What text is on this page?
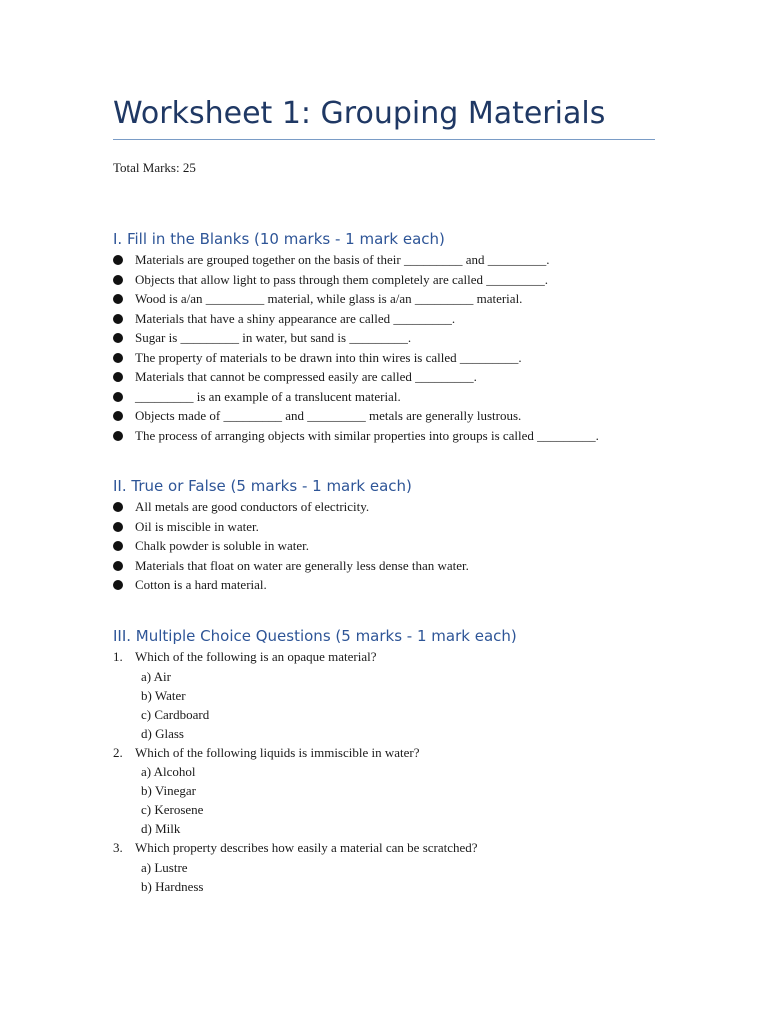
Worksheet 1: Grouping Materials
Total Marks: 25
I. Fill in the Blanks (10 marks - 1 mark each)
Materials are grouped together on the basis of their _________ and _________.
Objects that allow light to pass through them completely are called _________.
Wood is a/an _________ material, while glass is a/an _________ material.
Materials that have a shiny appearance are called _________.
Sugar is _________ in water, but sand is _________.
The property of materials to be drawn into thin wires is called _________.
Materials that cannot be compressed easily are called _________.
_________ is an example of a translucent material.
Objects made of _________ and _________ metals are generally lustrous.
The process of arranging objects with similar properties into groups is called _________.
II. True or False (5 marks - 1 mark each)
All metals are good conductors of electricity.
Oil is miscible in water.
Chalk powder is soluble in water.
Materials that float on water are generally less dense than water.
Cotton is a hard material.
III. Multiple Choice Questions (5 marks - 1 mark each)
1. Which of the following is an opaque material?
a) Air
b) Water
c) Cardboard
d) Glass
2. Which of the following liquids is immiscible in water?
a) Alcohol
b) Vinegar
c) Kerosene
d) Milk
3. Which property describes how easily a material can be scratched?
a) Lustre
b) Hardness
